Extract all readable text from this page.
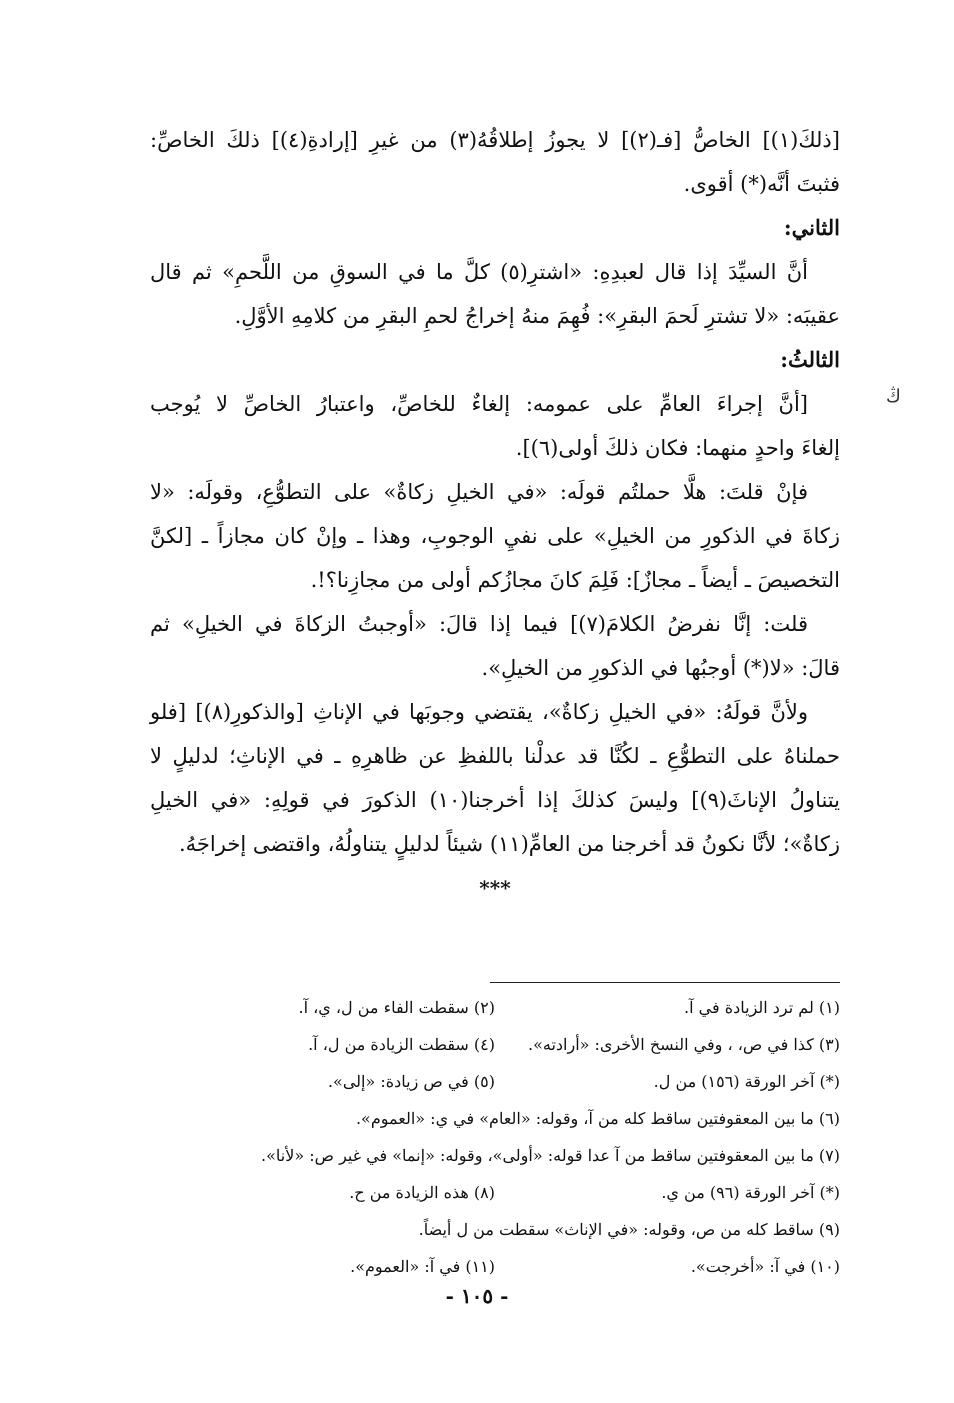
[ذلكَ(١)] الخاصُّ [فـ(٢)] لا يجوزُ إطلاقُهُ(٣) من غيرِ [إرادةِ(٤)] ذلكَ الخاصِّ:
فثبتَ أنَّه(*) أقوى.
الثاني:
أنَّ السيِّدَ إذا قال لعبدِهِ: «اشترِ(٥) كلَّ ما في السوقِ من اللَّحمِ» ثم قال
عقيبَه: «لا تشترِ لَحمَ البقرِ»: فُهِمَ منهُ إخراجُ لحمِ البقرِ من كلامِهِ الأوَّلِ.
الثالثُ:
[أنَّ إجراءَ العامِّ على عمومه: إلغاءٌ للخاصِّ، واعتبارُ الخاصِّ لا يُوجب
إلغاءَ واحدٍ منهما: فكان ذلكَ أولى(٦)].
فإنْ قلتَ: هلَّا حملتُم قولَه: «في الخيلِ زكاةٌ» على التطوُّعِ، وقولَه: «لا
زكاةَ في الذكورِ من الخيلِ» على نفيِ الوجوبِ، وهذا ـ وإنْ كان مجازاً ـ [لكنَّ
التخصيصَ ـ أيضاً ـ مجازٌ]: فَلِمَ كانَ مجازُكم أولى من مجازِنا؟!.
قلت: إنَّا نفرضُ الكلامَ(٧)] فيما إذا قالَ: «أوجبتُ الزكاةَ في الخيلِ» ثم
قالَ: «لا(*) أوجبُها في الذكورِ من الخيلِ».
ولأنَّ قولَهُ: «في الخيلِ زكاةٌ»، يقتضي وجوبَها في الإناثِ [والذكورِ(٨)] [فلو
حملناهُ على التطوُّعِ ـ لكُنَّا قد عدلْنا باللفظِ عن ظاهرِهِ ـ في الإناثِ؛ لدليلٍ لا
يتناولُ الإناثَ(٩)] وليسَ كذلكَ إذا أخرجنا(١٠) الذكورَ في قولِهِ: «في الخيلِ
زكاةٌ»؛ لأنَّا نكونُ قد أخرجنا من العامِّ(١١) شيئاً لدليلٍ يتناولُهُ، واقتضى إخراجَهُ.
***
ﯓ
(١) لم ترد الزيادة في آ.
(٢) سقطت الفاء من ل، ي، آ.
(٣) كذا في ص، ، وفي النسخ الأخرى: «أرادته».
(٤) سقطت الزيادة من ل، آ.
(*) آخر الورقة (١٥٦) من ل.
(٥) في ص زيادة: «إلى».
(٦) ما بين المعقوفتين ساقط كله من آ، وقوله: «العام» في ي: «العموم».
(٧) ما بين المعقوفتين ساقط من آ عدا قوله: «أولى»، وقوله: «إنما» في غير ص: «لأنا».
(*) آخر الورقة (٩٦) من ي.
(٨) هذه الزيادة من ح.
(٩) ساقط كله من ص، وقوله: «في الإناث» سقطت من ل أيضاً.
(١٠) في آ: «أخرجت».
(١١) في آ: «العموم».
- ١٠٥ -
